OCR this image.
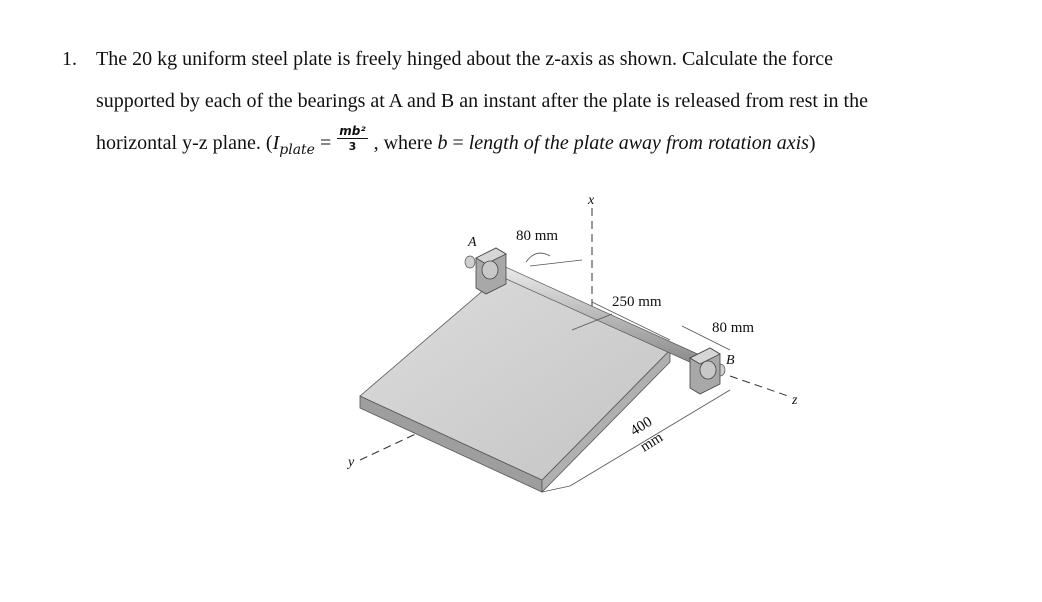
1. The 20 kg uniform steel plate is freely hinged about the z-axis as shown. Calculate the force
supported by each of the bearings at A and B an instant after the plate is released from rest in the
horizontal y-z plane. ($I_{plate} = \frac{\text{mb²}}{3}$ , where b = length of the plate away from rotation axis)
x
y
z
A
B
80 mm
250 mm
80 mm
400
mm
